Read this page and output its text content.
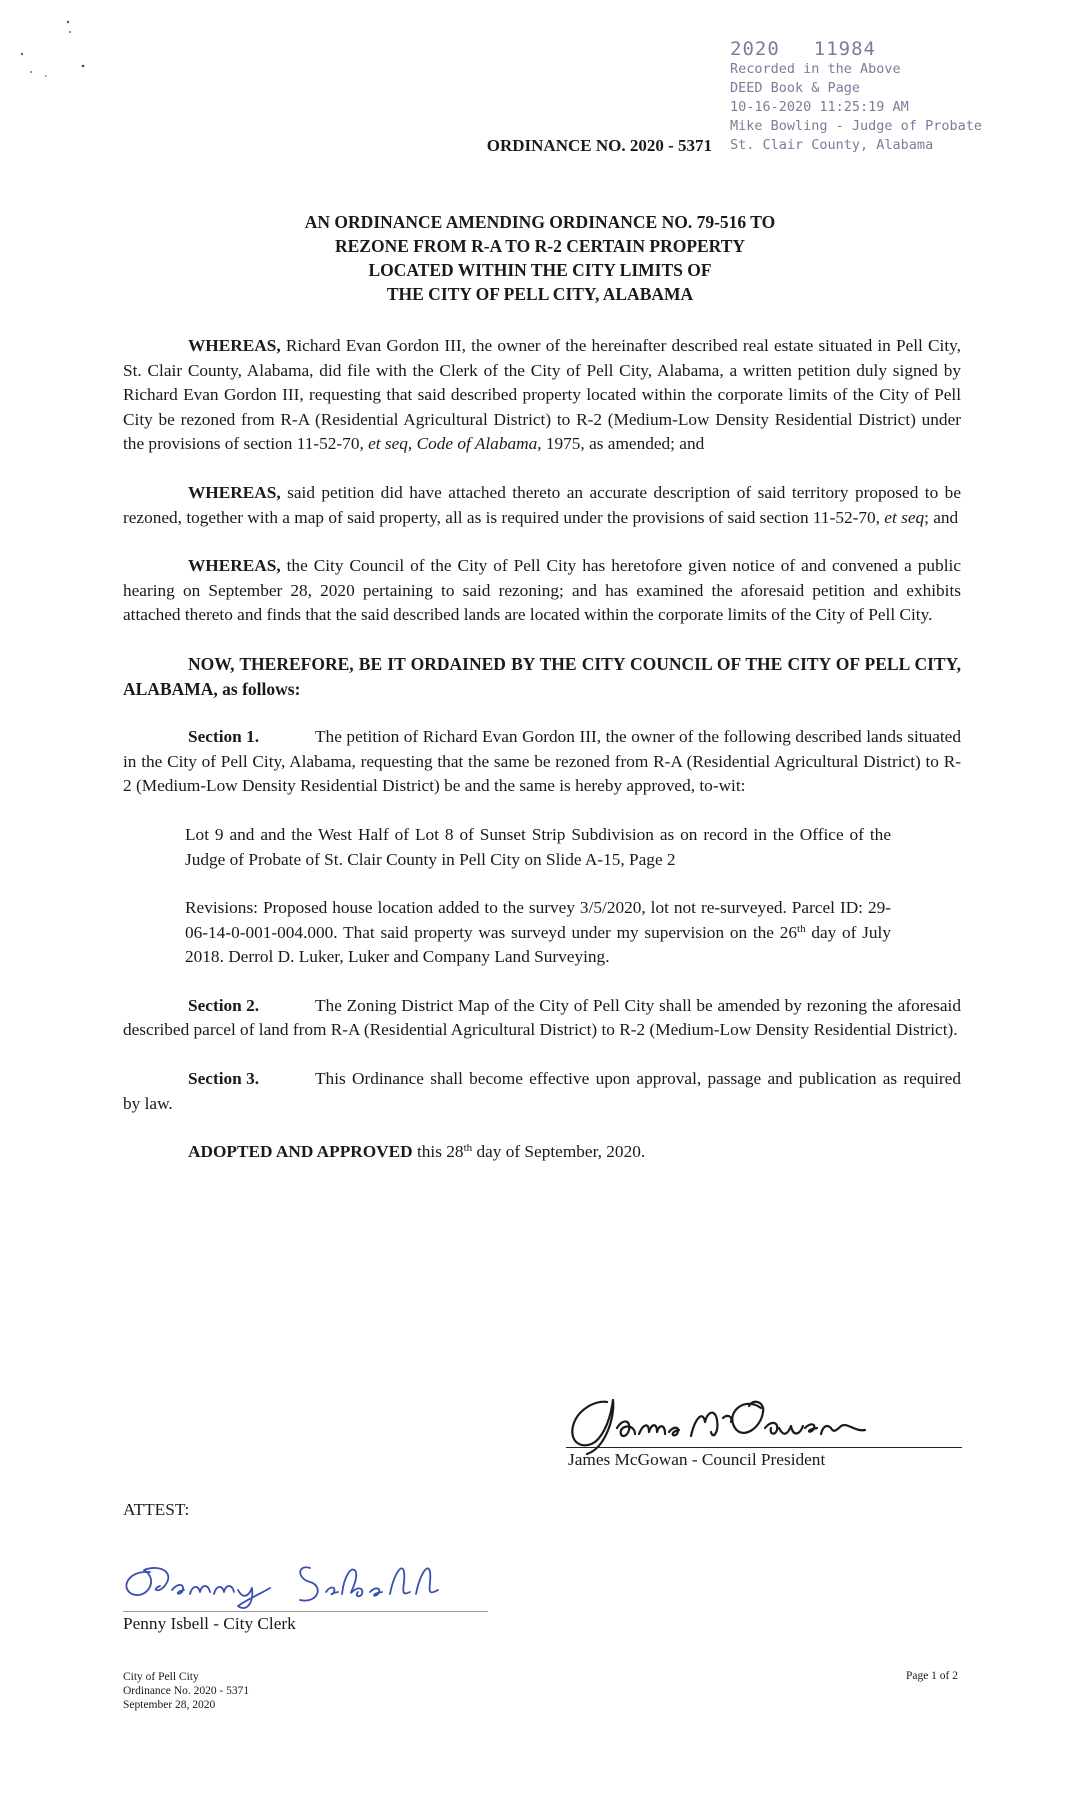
2020 11984
Recorded in the Above
DEED Book & Page
10-16-2020 11:25:19 AM
Mike Bowling - Judge of Probate
St. Clair County, Alabama
ORDINANCE NO. 2020 - 5371
AN ORDINANCE AMENDING ORDINANCE NO. 79-516 TO
REZONE FROM R-A TO R-2 CERTAIN PROPERTY
LOCATED WITHIN THE CITY LIMITS OF
THE CITY OF PELL CITY, ALABAMA

WHEREAS, Richard Evan Gordon III, the owner of the hereinafter described real estate situated in Pell City, St. Clair County, Alabama, did file with the Clerk of the City of Pell City, Alabama, a written petition duly signed by Richard Evan Gordon III, requesting that said described property located within the corporate limits of the City of Pell City be rezoned from R-A (Residential Agricultural District) to R-2 (Medium-Low Density Residential District) under the provisions of section 11-52-70, et seq, Code of Alabama, 1975, as amended; and

WHEREAS, said petition did have attached thereto an accurate description of said territory proposed to be rezoned, together with a map of said property, all as is required under the provisions of said section 11-52-70, et seq; and

WHEREAS, the City Council of the City of Pell City has heretofore given notice of and convened a public hearing on September 28, 2020 pertaining to said rezoning; and has examined the aforesaid petition and exhibits attached thereto and finds that the said described lands are located within the corporate limits of the City of Pell City.

NOW, THEREFORE, BE IT ORDAINED BY THE CITY COUNCIL OF THE CITY OF PELL CITY, ALABAMA, as follows:

Section 1.	The petition of Richard Evan Gordon III, the owner of the following described lands situated in the City of Pell City, Alabama, requesting that the same be rezoned from R-A (Residential Agricultural District) to R-2 (Medium-Low Density Residential District) be and the same is hereby approved, to-wit:

Lot 9 and and the West Half of Lot 8 of Sunset Strip Subdivision as on record in the Office of the Judge of Probate of St. Clair County in Pell City on Slide A-15, Page 2

Revisions: Proposed house location added to the survey 3/5/2020, lot not re-surveyed. Parcel ID: 29-06-14-0-001-004.000. That said property was surveyd under my supervision on the 26th day of July 2018. Derrol D. Luker, Luker and Company Land Surveying.

Section 2.	The Zoning District Map of the City of Pell City shall be amended by rezoning the aforesaid described parcel of land from R-A (Residential Agricultural District) to R-2 (Medium-Low Density Residential District).

Section 3.	This Ordinance shall become effective upon approval, passage and publication as required by law.

ADOPTED AND APPROVED this 28th day of September, 2020.

James McGowan - Council President
ATTEST:
Penny Isbell - City Clerk
City of Pell City
Ordinance No. 2020 - 5371
September 28, 2020
Page 1 of 2
